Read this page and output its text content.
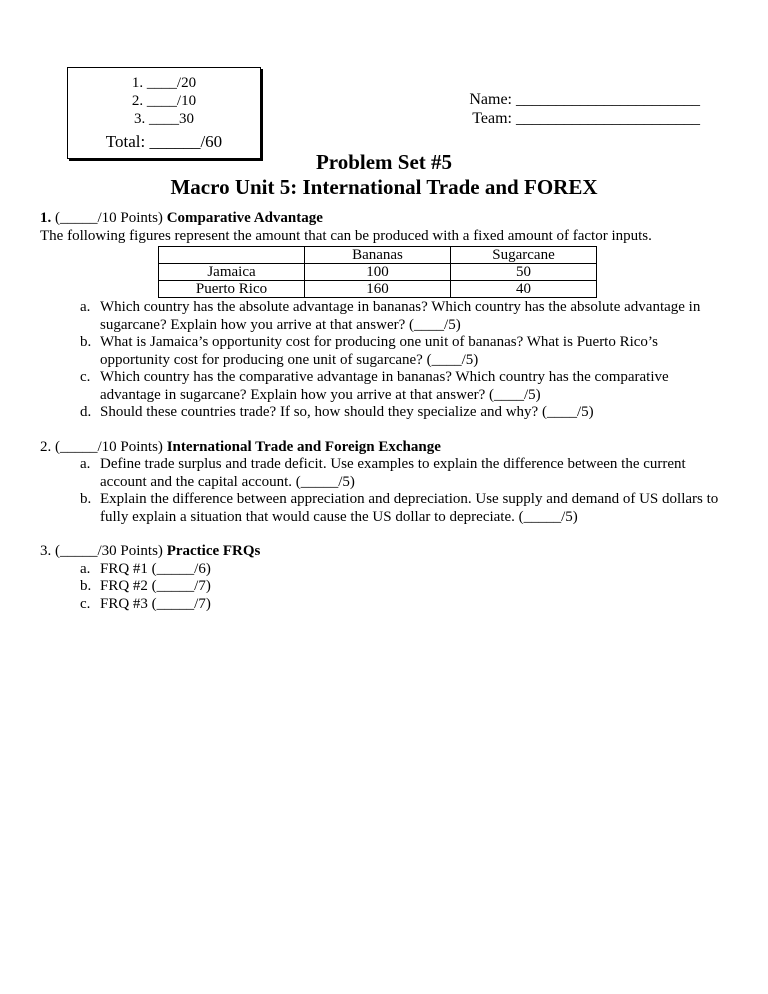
1. ____/20
2. ____/10
3. ____30
Total: ______/60
Name: _______________________
Team: _______________________
Problem Set #5
Macro Unit 5: International Trade and FOREX

1. (_____/10 Points) Comparative Advantage

The following figures represent the amount that can be produced with a fixed amount of factor inputs.

	Bananas	Sugarcane
Jamaica	100	50
Puerto Rico	160	40
a. Which country has the absolute advantage in bananas? Which country has the absolute advantage in sugarcane? Explain how you arrive at that answer? (____/5)
b. What is Jamaica’s opportunity cost for producing one unit of bananas? What is Puerto Rico’s opportunity cost for producing one unit of sugarcane? (____/5)
c. Which country has the comparative advantage in bananas? Which country has the comparative advantage in sugarcane? Explain how you arrive at that answer? (____/5)
d. Should these countries trade? If so, how should they specialize and why? (____/5)

2. (_____/10 Points) International Trade and Foreign Exchange

a. Define trade surplus and trade deficit. Use examples to explain the difference between the current account and the capital account. (_____/5)
b. Explain the difference between appreciation and depreciation. Use supply and demand of US dollars to fully explain a situation that would cause the US dollar to depreciate. (_____/5)

3. (_____/30 Points) Practice FRQs

a. FRQ #1 (_____/6)
b. FRQ #2 (_____/7)
c. FRQ #3 (_____/7)
